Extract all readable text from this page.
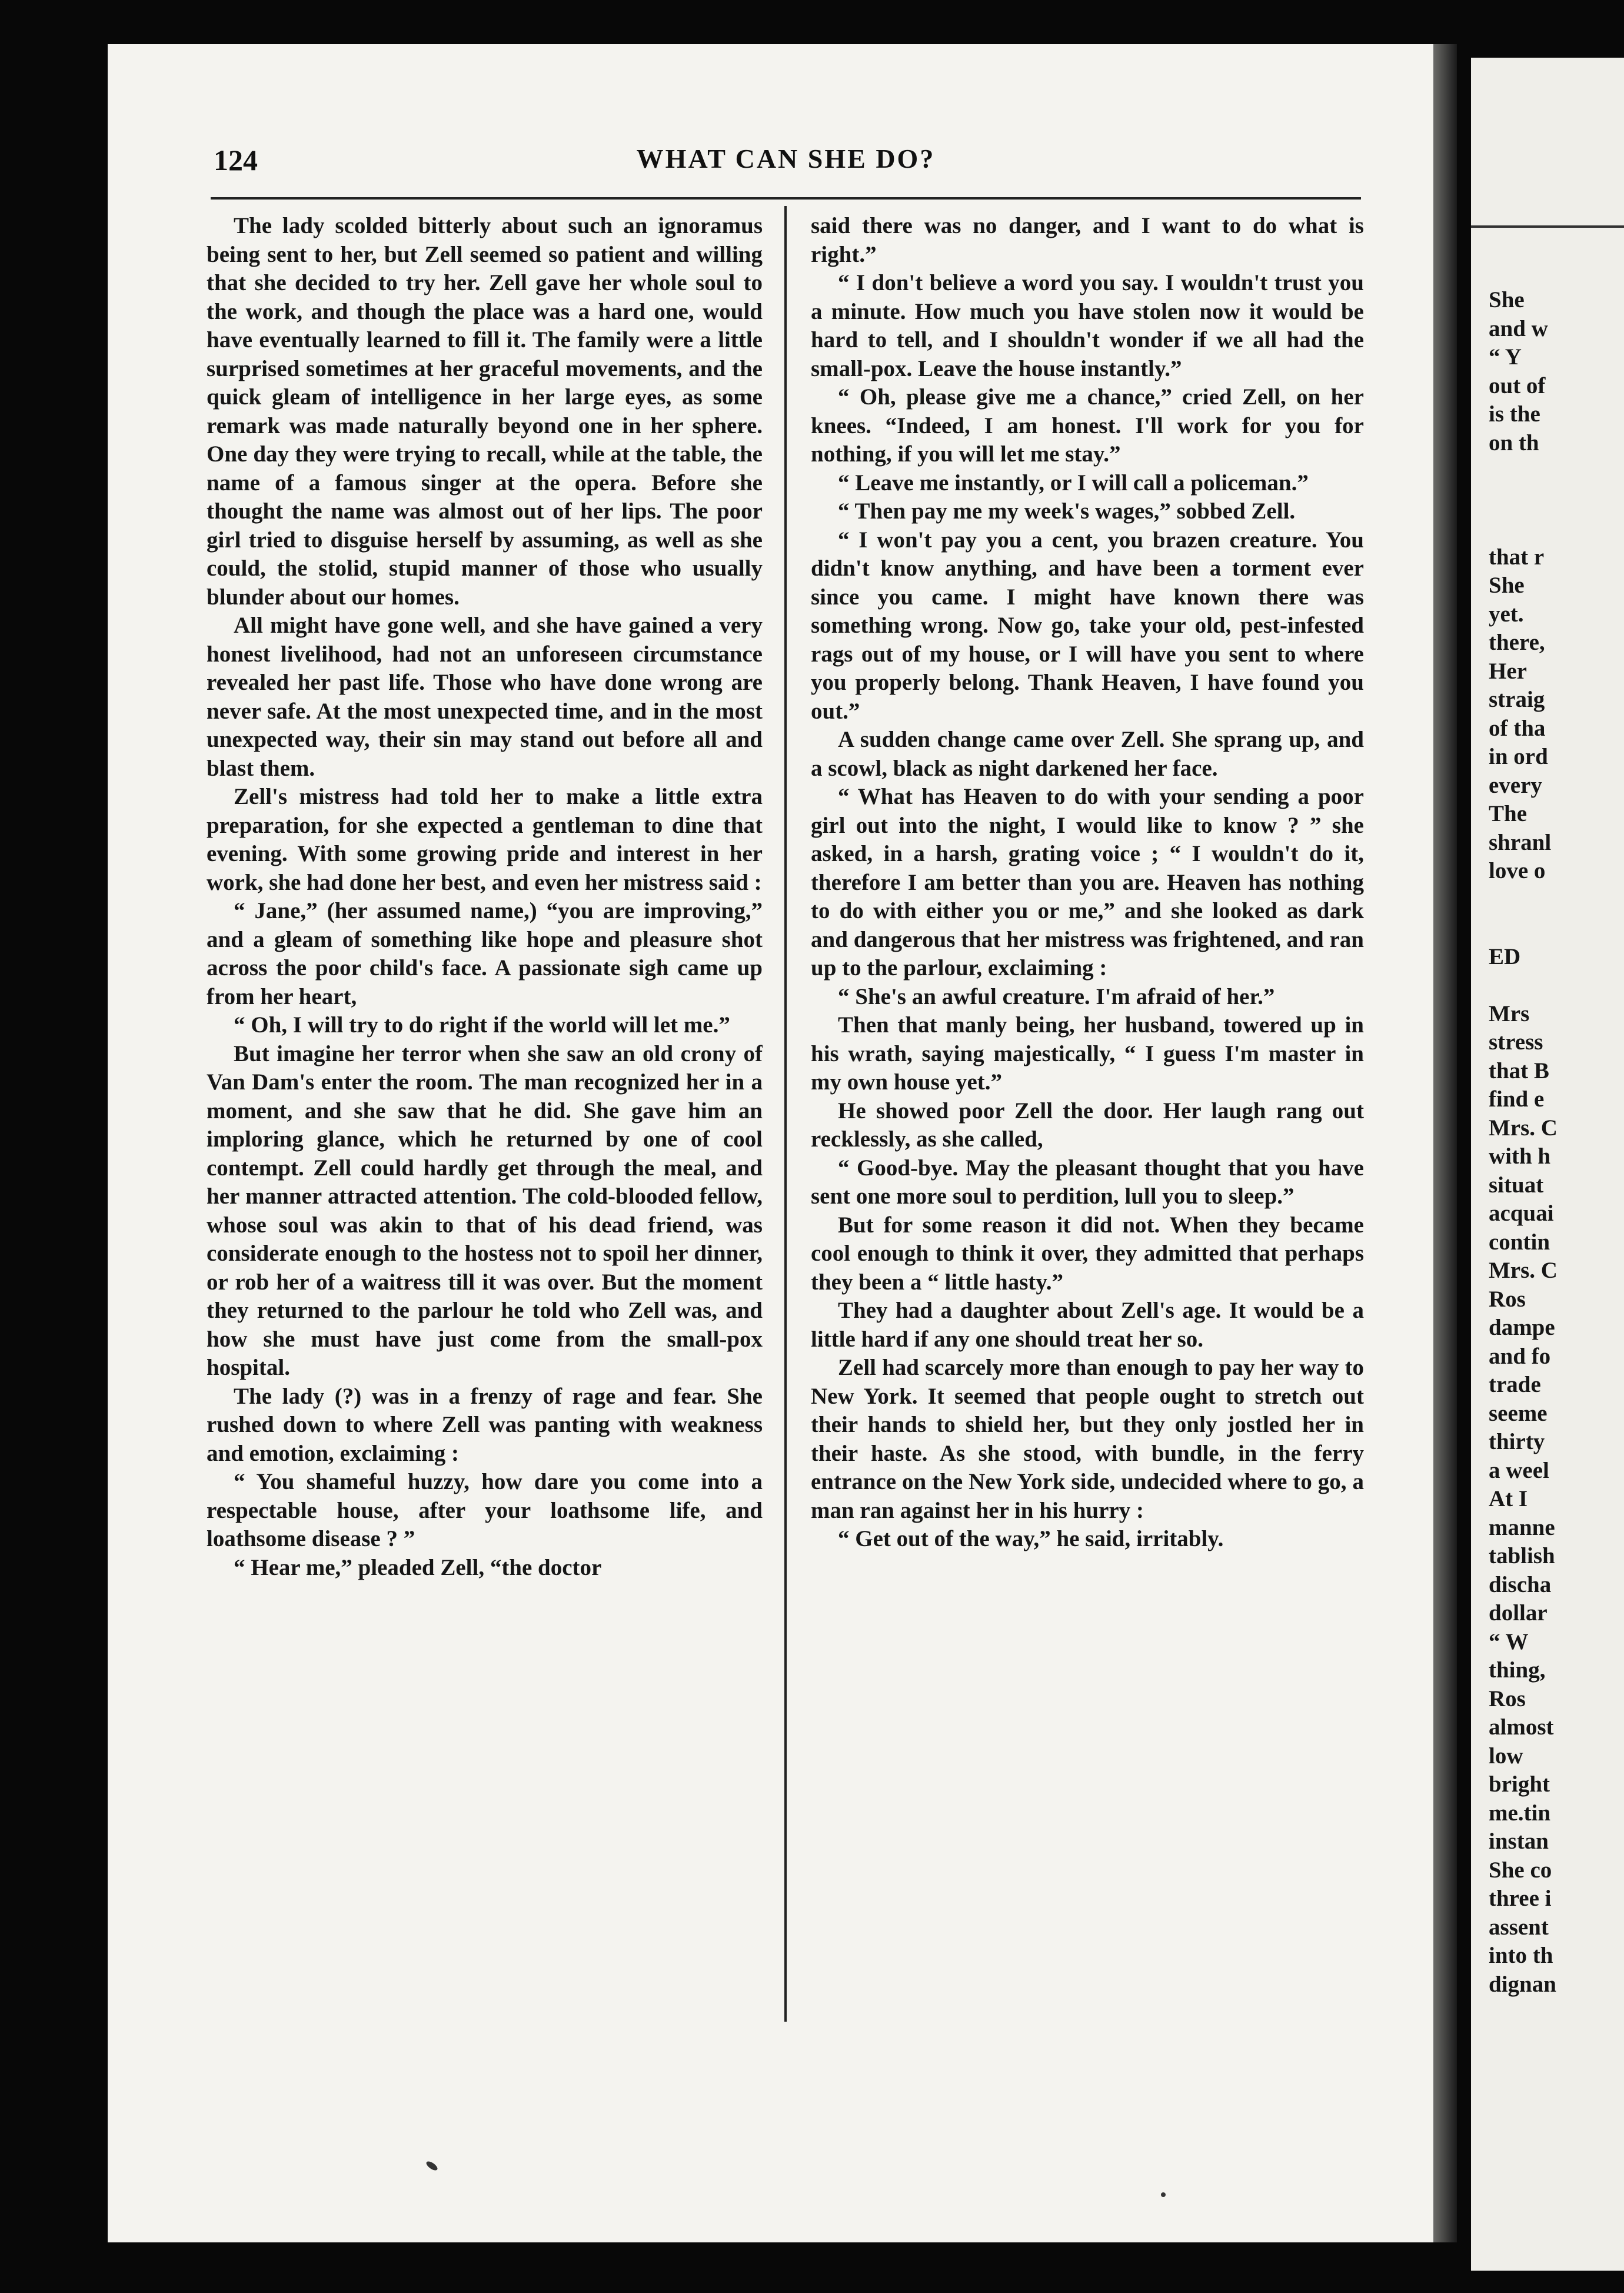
124	WHAT CAN SHE DO?

The lady scolded bitterly about such an ignoramus being sent to her, but Zell seemed so patient and willing that she decided to try her. Zell gave her whole soul to the work, and though the place was a hard one, would have eventually learned to fill it. The family were a little surprised sometimes at her graceful movements, and the quick gleam of intelligence in her large eyes, as some remark was made naturally beyond one in her sphere. One day they were trying to recall, while at the table, the name of a famous singer at the opera. Before she thought the name was almost out of her lips. The poor girl tried to disguise herself by assuming, as well as she could, the stolid, stupid manner of those who usually blunder about our homes.

All might have gone well, and she have gained a very honest livelihood, had not an unforeseen circumstance revealed her past life. Those who have done wrong are never safe. At the most unexpected time, and in the most unexpected way, their sin may stand out before all and blast them.

Zell's mistress had told her to make a little extra preparation, for she expected a gentleman to dine that evening. With some growing pride and interest in her work, she had done her best, and even her mistress said :

“ Jane,” (her assumed name,) “you are improving,” and a gleam of something like hope and pleasure shot across the poor child's face. A passionate sigh came up from her heart,

“ Oh, I will try to do right if the world will let me.”

But imagine her terror when she saw an old crony of Van Dam's enter the room. The man recognized her in a moment, and she saw that he did. She gave him an imploring glance, which he returned by one of cool contempt. Zell could hardly get through the meal, and her manner attracted attention. The cold-blooded fellow, whose soul was akin to that of his dead friend, was considerate enough to the hostess not to spoil her dinner, or rob her of a waitress till it was over. But the moment they returned to the parlour he told who Zell was, and how she must have just come from the small-pox hospital.

The lady (?) was in a frenzy of rage and fear. She rushed down to where Zell was panting with weakness and emotion, exclaiming :

“ You shameful huzzy, how dare you come into a respectable house, after your loathsome life, and loathsome disease ? ”

“ Hear me,” pleaded Zell, “the doctor

said there was no danger, and I want to do what is right.”

“ I don't believe a word you say. I wouldn't trust you a minute. How much you have stolen now it would be hard to tell, and I shouldn't wonder if we all had the small-pox. Leave the house instantly.”

“ Oh, please give me a chance,” cried Zell, on her knees. “Indeed, I am honest. I'll work for you for nothing, if you will let me stay.”

“ Leave me instantly, or I will call a policeman.”

“ Then pay me my week's wages,” sobbed Zell.

“ I won't pay you a cent, you brazen creature. You didn't know anything, and have been a torment ever since you came. I might have known there was something wrong. Now go, take your old, pest-infested rags out of my house, or I will have you sent to where you properly belong. Thank Heaven, I have found you out.”

A sudden change came over Zell. She sprang up, and a scowl, black as night darkened her face.

“ What has Heaven to do with your sending a poor girl out into the night, I would like to know ? ” she asked, in a harsh, grating voice ; “ I wouldn't do it, therefore I am better than you are. Heaven has nothing to do with either you or me,” and she looked as dark and dangerous that her mistress was frightened, and ran up to the parlour, exclaiming :

“ She's an awful creature. I'm afraid of her.”

Then that manly being, her husband, towered up in his wrath, saying majestically, “ I guess I'm master in my own house yet.”

He showed poor Zell the door. Her laugh rang out recklessly, as she called,

“ Good-bye. May the pleasant thought that you have sent one more soul to perdition, lull you to sleep.”

But for some reason it did not. When they became cool enough to think it over, they admitted that perhaps they been a “ little hasty.”

They had a daughter about Zell's age. It would be a little hard if any one should treat her so.

Zell had scarcely more than enough to pay her way to New York. It seemed that people ought to stretch out their hands to shield her, but they only jostled her in their haste. As she stood, with bundle, in the ferry entrance on the New York side, undecided where to go, a man ran against her in his hurry :

“ Get out of the way,” he said, irritably.

She
and w
“ Y
out of
is the
on th
that r
She
yet.
there,
Her
straig
of tha
in ord
every
The
shranl
love o
ED
Mrs
stress
that B
find e
Mrs. C
with h
situat
acquai
contin
Mrs. C
Ros
dampe
and fo
trade
seeme
thirty
a weel
At I
manne
tablish
discha
dollar
“ W
thing,
Ros
almost
low
bright
me.tin
instan
She co
three i
assent
into th
dignan
